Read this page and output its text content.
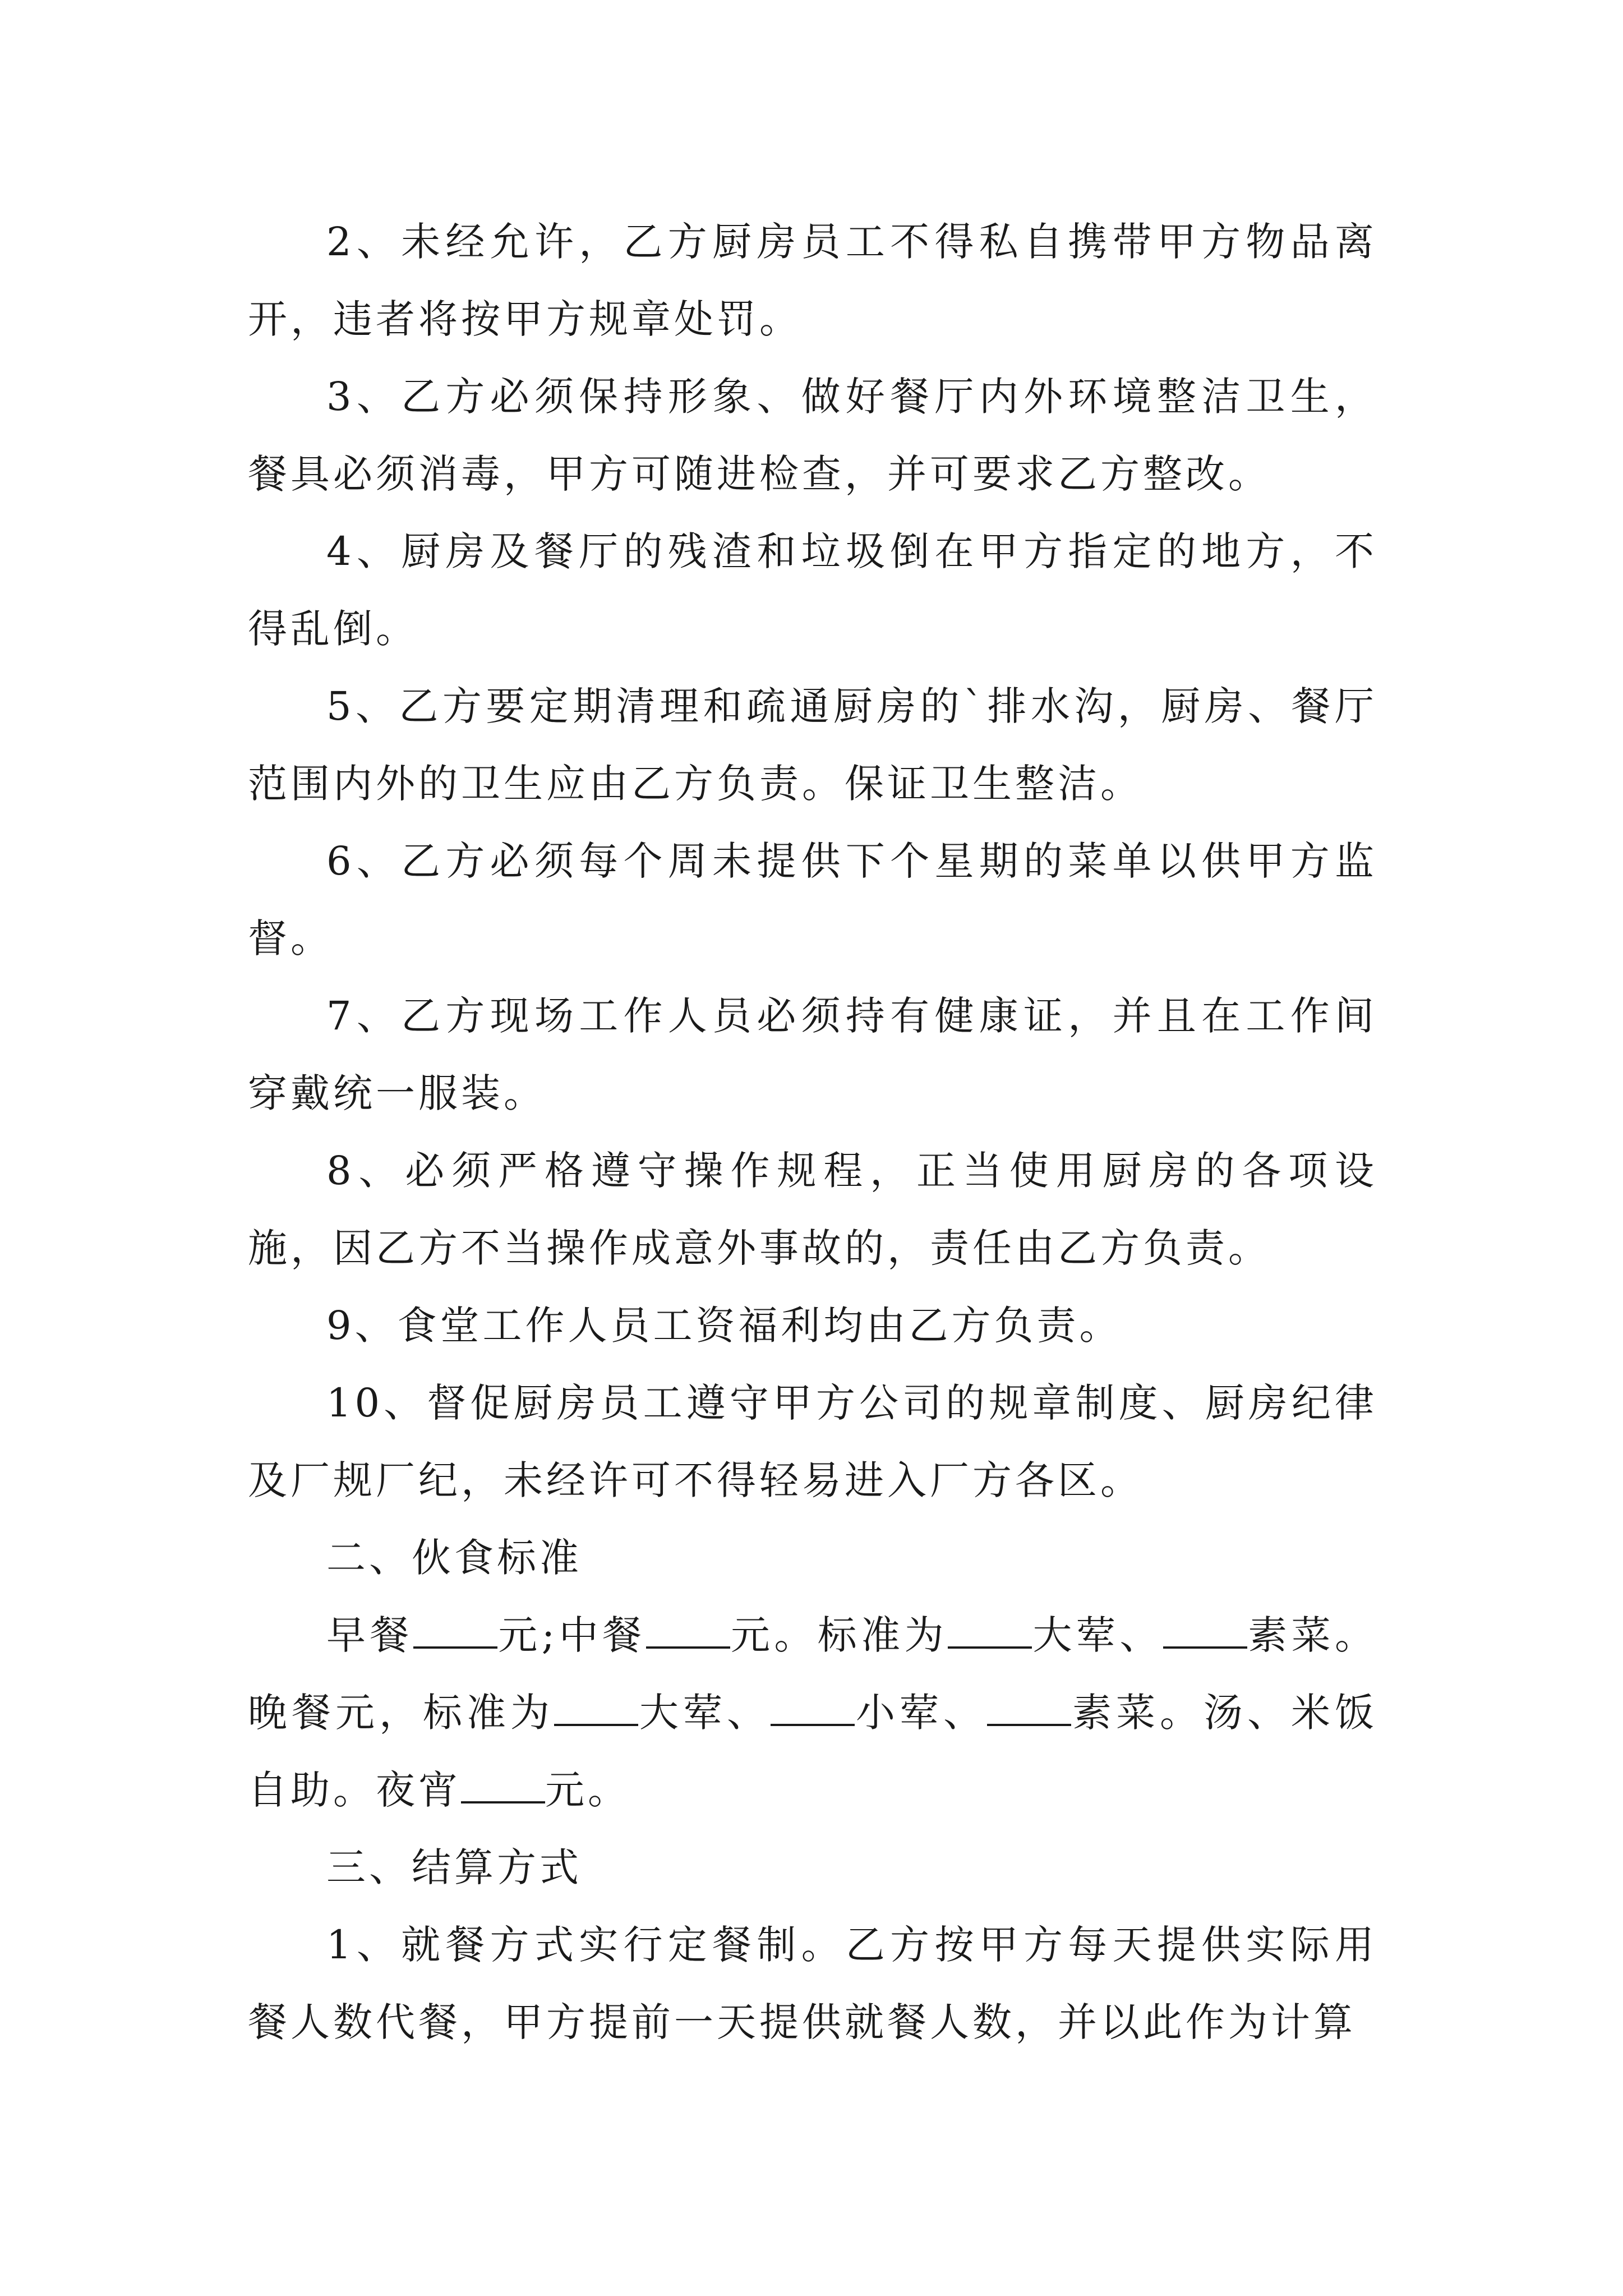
2、未经允许，乙方厨房员工不得私自携带甲方物品离开，违者将按甲方规章处罚。

3、乙方必须保持形象、做好餐厅内外环境整洁卫生，餐具必须消毒，甲方可随进检查，并可要求乙方整改。

4、厨房及餐厅的残渣和垃圾倒在甲方指定的地方，不得乱倒。

5、乙方要定期清理和疏通厨房的`排水沟，厨房、餐厅范围内外的卫生应由乙方负责。保证卫生整洁。

6、乙方必须每个周未提供下个星期的菜单以供甲方监督。

7、乙方现场工作人员必须持有健康证，并且在工作间穿戴统一服装。

8、必须严格遵守操作规程，正当使用厨房的各项设施，因乙方不当操作成意外事故的，责任由乙方负责。

9、食堂工作人员工资福利均由乙方负责。

10、督促厨房员工遵守甲方公司的规章制度、厨房纪律及厂规厂纪，未经许可不得轻易进入厂方各区。

二、伙食标准

早餐 元;中餐 元。标准为 大荤、 素菜。晚餐元，标准为 大荤、 小荤、 素菜。汤、米饭自助。夜宵 元。

三、结算方式

1、就餐方式实行定餐制。乙方按甲方每天提供实际用餐人数代餐，甲方提前一天提供就餐人数，并以此作为计算
